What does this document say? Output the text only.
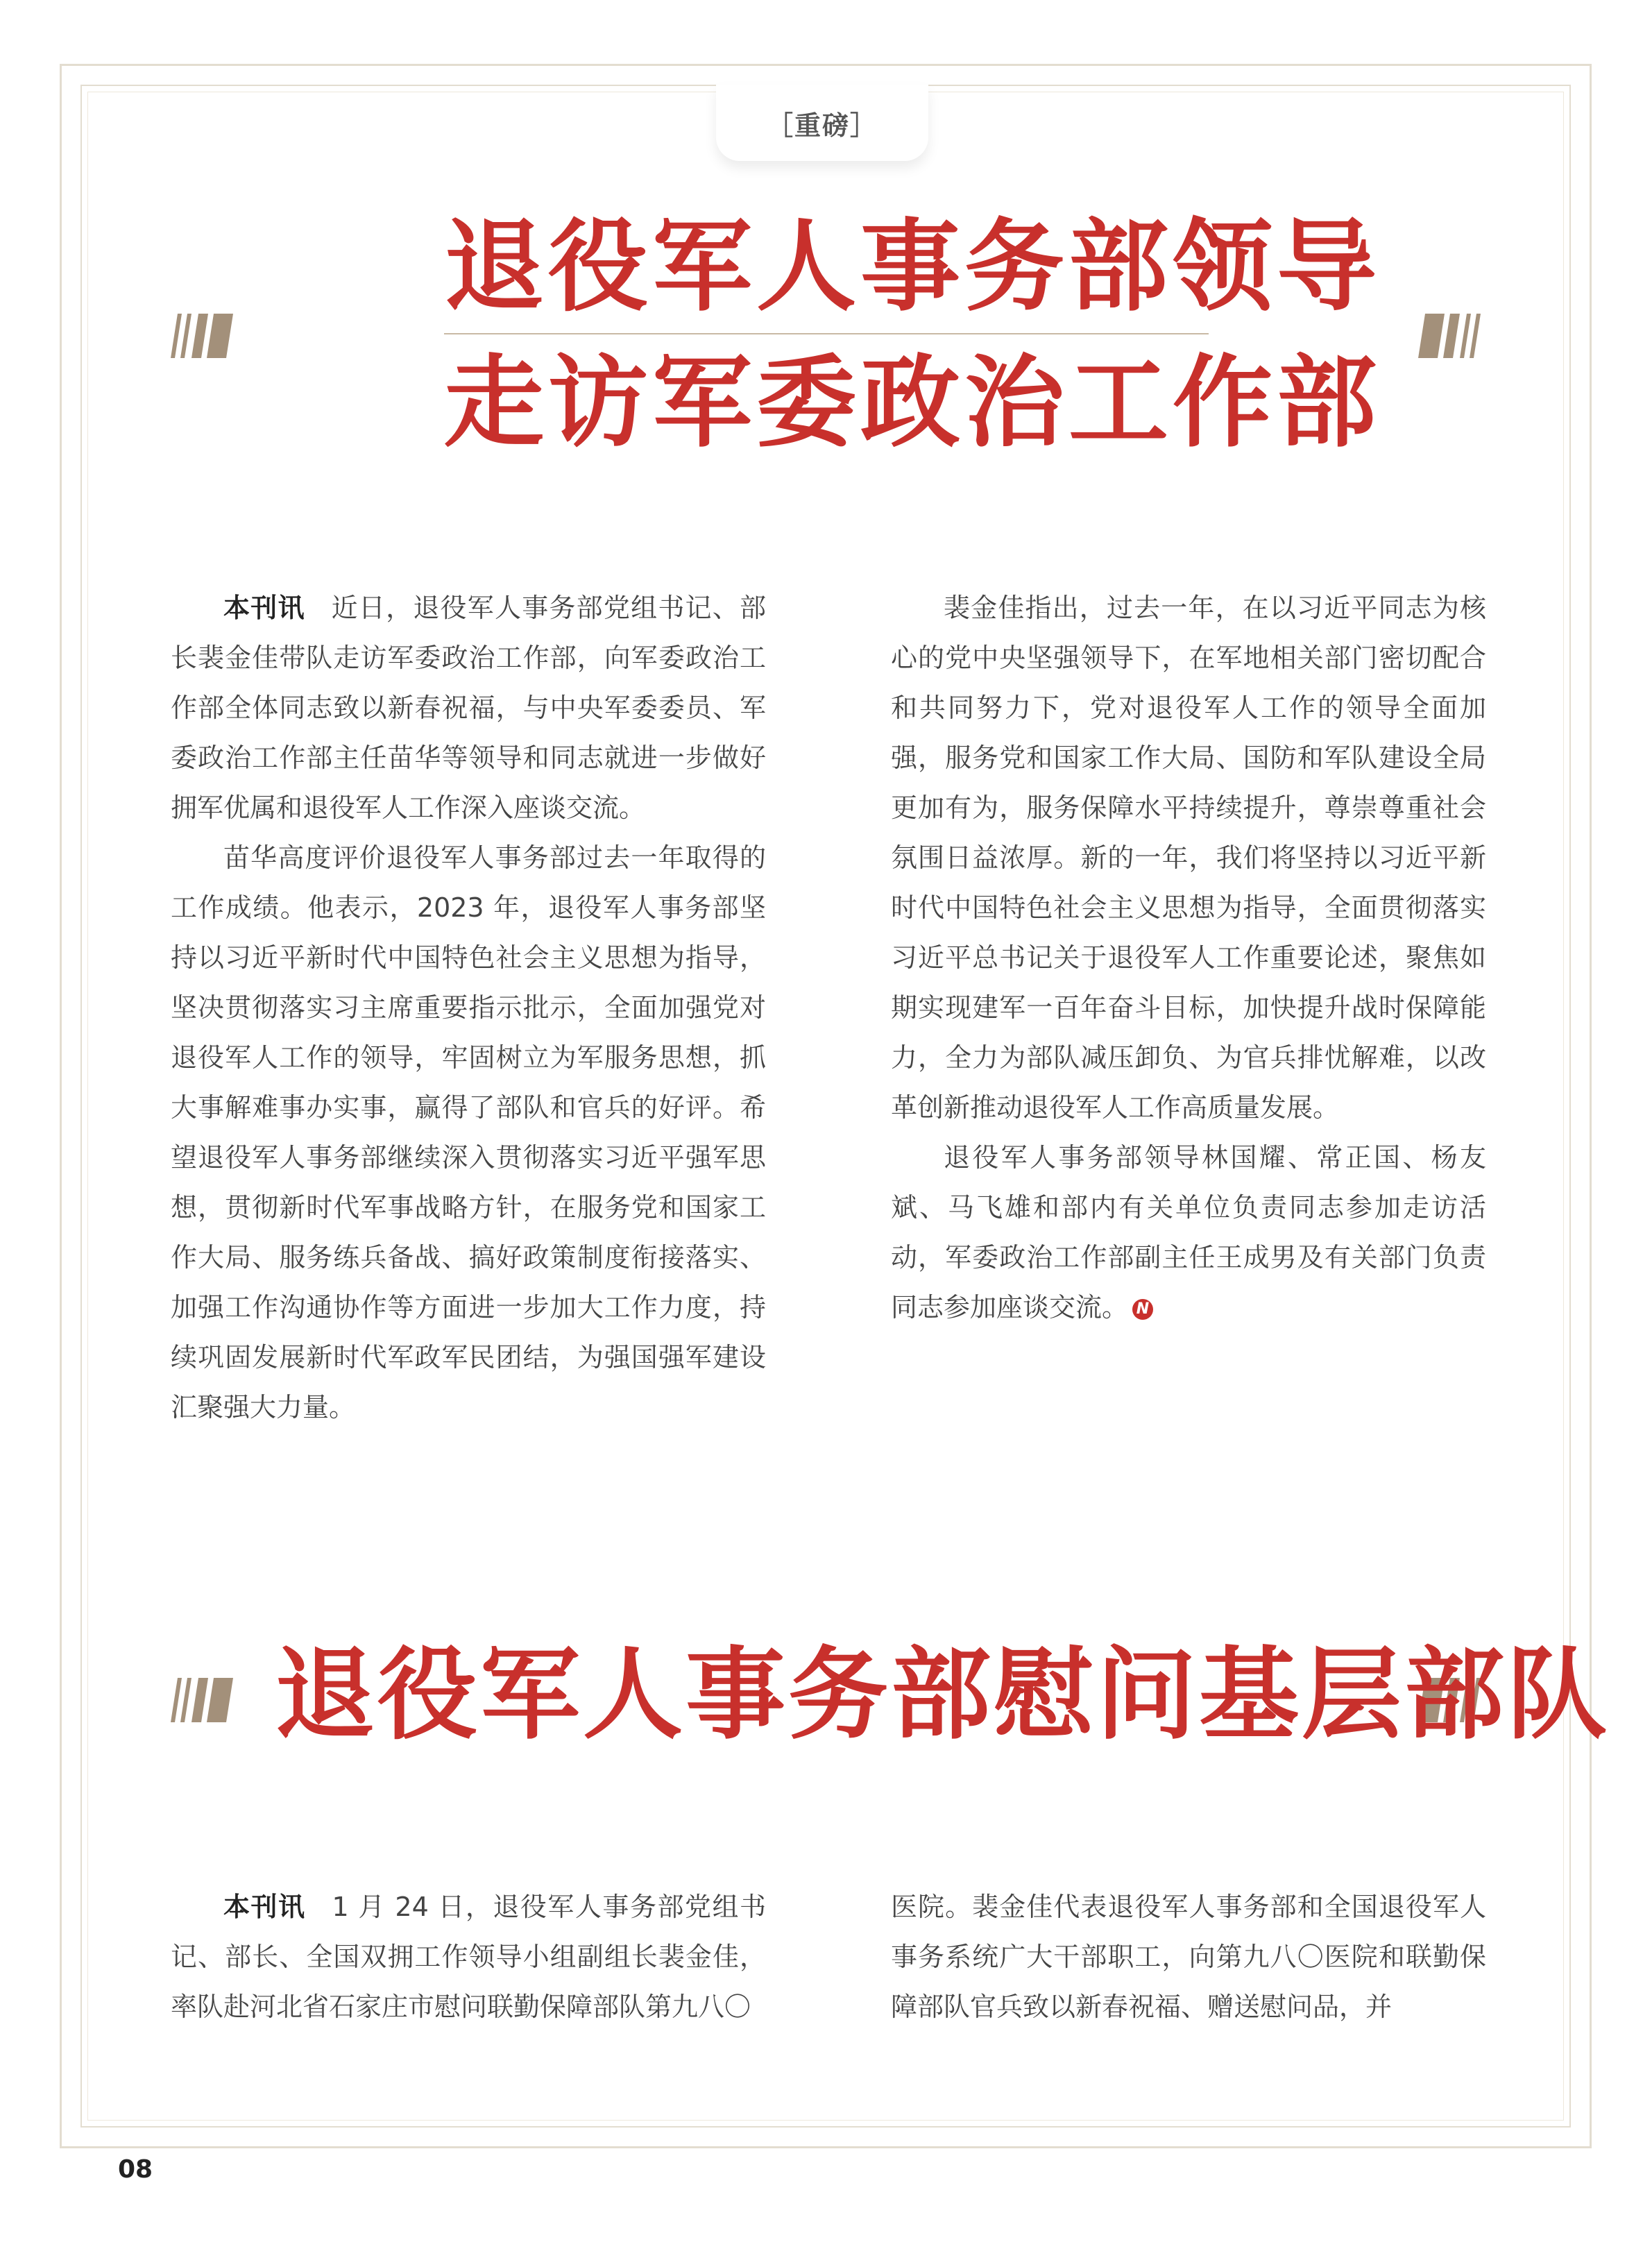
［重磅］
退役军人事务部领导
走访军委政治工作部

本刊讯 近日，退役军人事务部党组书记、部长裴金佳带队走访军委政治工作部，向军委政治工作部全体同志致以新春祝福，与中央军委委员、军委政治工作部主任苗华等领导和同志就进一步做好拥军优属和退役军人工作深入座谈交流。

苗华高度评价退役军人事务部过去一年取得的工作成绩。他表示，2023 年，退役军人事务部坚持以习近平新时代中国特色社会主义思想为指导，坚决贯彻落实习主席重要指示批示，全面加强党对退役军人工作的领导，牢固树立为军服务思想，抓大事解难事办实事，赢得了部队和官兵的好评。希望退役军人事务部继续深入贯彻落实习近平强军思想，贯彻新时代军事战略方针，在服务党和国家工作大局、服务练兵备战、搞好政策制度衔接落实、加强工作沟通协作等方面进一步加大工作力度，持续巩固发展新时代军政军民团结，为强国强军建设汇聚强大力量。

裴金佳指出，过去一年，在以习近平同志为核心的党中央坚强领导下，在军地相关部门密切配合和共同努力下，党对退役军人工作的领导全面加强，服务党和国家工作大局、国防和军队建设全局更加有为，服务保障水平持续提升，尊崇尊重社会氛围日益浓厚。新的一年，我们将坚持以习近平新时代中国特色社会主义思想为指导，全面贯彻落实习近平总书记关于退役军人工作重要论述，聚焦如期实现建军一百年奋斗目标，加快提升战时保障能力，全力为部队减压卸负、为官兵排忧解难，以改革创新推动退役军人工作高质量发展。

退役军人事务部领导林国耀、常正国、杨友斌、马飞雄和部内有关单位负责同志参加走访活动，军委政治工作部副主任王成男及有关部门负责同志参加座谈交流。 N

退役军人事务部慰问基层部队

本刊讯 1 月 24 日，退役军人事务部党组书记、部长、全国双拥工作领导小组副组长裴金佳，率队赴河北省石家庄市慰问联勤保障部队第九八〇

医院。裴金佳代表退役军人事务部和全国退役军人事务系统广大干部职工，向第九八〇医院和联勤保障部队官兵致以新春祝福、赠送慰问品，并

08
